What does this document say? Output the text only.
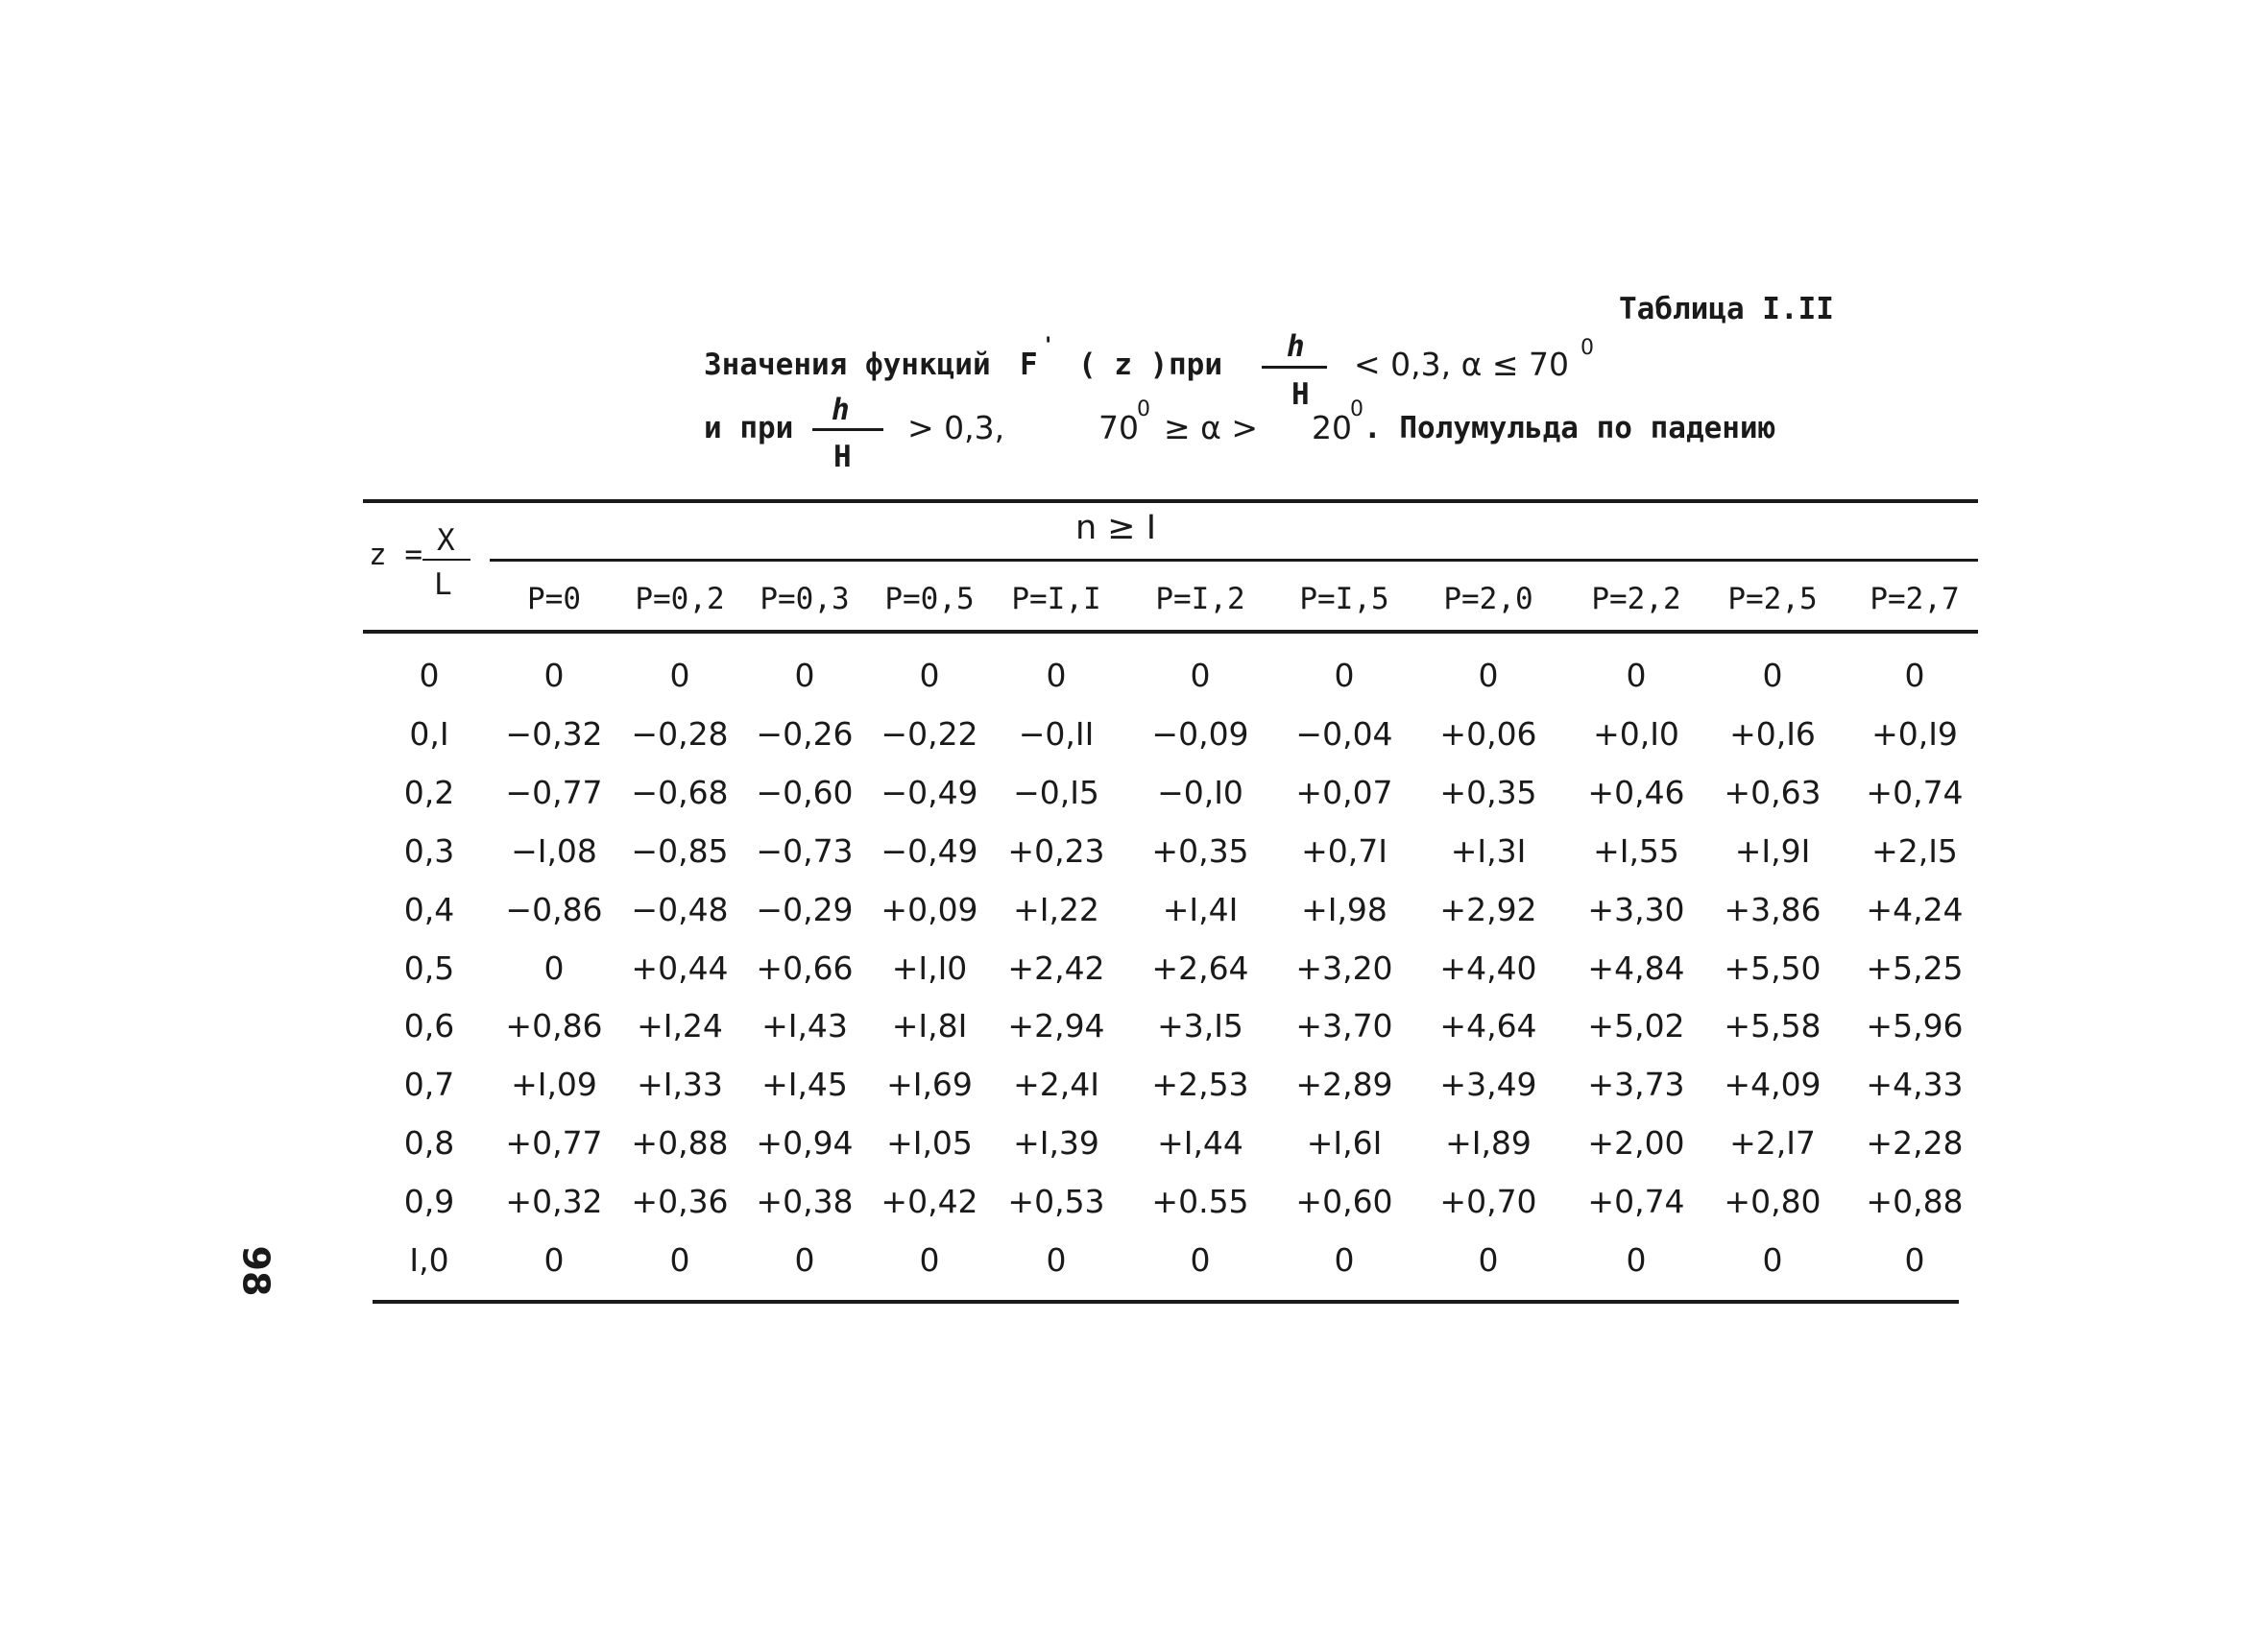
Таблица I.II
Значения функций F
'
( z ) при
h
H
< 0,3, α ≤ 70 0
и при
h
H
> 0,3,	70
0 ≥ α > 20
0
. Полумульда по падению
z = X
L
n ≥ I
P=0 P=0,2 P=0,3 P=0,5 P=I,I P=I,2 P=I,5 P=2,0 P=2,2 P=2,5 P=2,7
0	0	0	0	0	0	0	0	0	0	0	0
0,I −0,32 −0,28 −0,26 −0,22 −0,II −0,09 −0,04 +0,06 +0,I0 +0,I6 +0,I9
0,2 −0,77 −0,68 −0,60 −0,49 −0,I5 −0,I0 +0,07 +0,35 +0,46 +0,63 +0,74
0,3 −I,08 −0,85 −0,73 −0,49 +0,23 +0,35 +0,7I +I,3I +I,55 +I,9I +2,I5
0,4 −0,86 −0,48 −0,29 +0,09 +I,22 +I,4I +I,98 +2,92 +3,30 +3,86 +4,24
0,5	0 +0,44 +0,66 +I,I0 +2,42 +2,64 +3,20 +4,40 +4,84 +5,50 +5,25
0,6 +0,86 +I,24 +I,43 +I,8I +2,94 +3,I5 +3,70 +4,64 +5,02 +5,58 +5,96
0,7 +I,09 +I,33 +I,45 +I,69 +2,4I +2,53 +2,89 +3,49 +3,73 +4,09 +4,33
0,8 +0,77 +0,88 +0,94 +I,05 +I,39 +I,44 +I,6I +I,89 +2,00 +2,I7 +2,28
0,9 +0,32 +0,36 +0,38 +0,42 +0,53 +0.55 +0,60 +0,70 +0,74 +0,80 +0,88
I,0	0	0	0	0	0	0	0	0	0	0	0
98
